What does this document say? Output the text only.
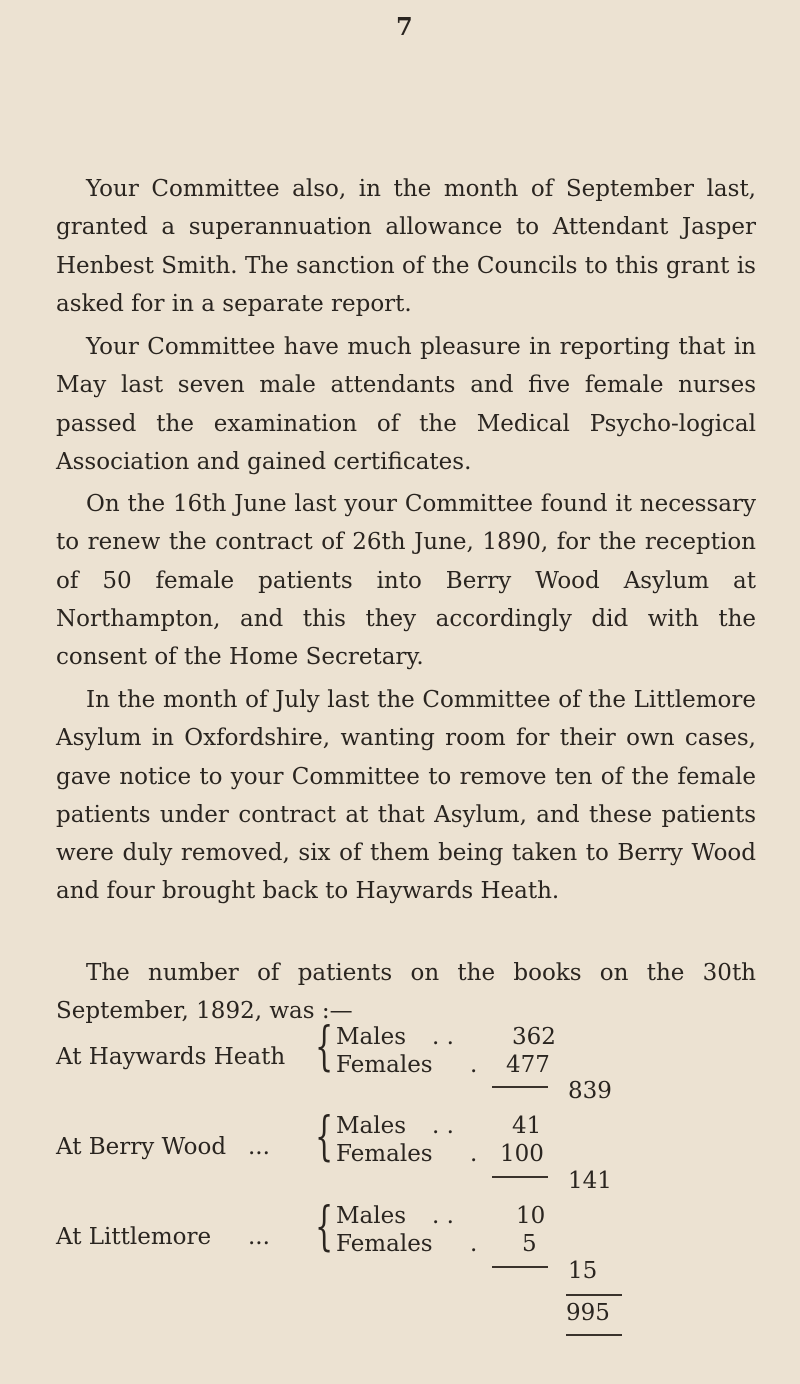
7

Your Committee also, in the month of September last, granted a superannuation allowance to Attendant Jasper Henbest Smith. The sanction of the Councils to this grant is asked for in a separate report.

Your Committee have much pleasure in reporting that in May last seven male attendants and five female nurses passed the examination of the Medical Psycho-logical Association and gained certificates.

On the 16th June last your Committee found it necessary to renew the contract of 26th June, 1890, for the reception of 50 female patients into Berry Wood Asylum at Northampton, and this they accordingly did with the consent of the Home Secretary.

In the month of July last the Committee of the Littlemore Asylum in Oxfordshire, wanting room for their own cases, gave notice to your Committee to remove ten of the female patients under contract at that Asylum, and these patients were duly removed, six of them being taken to Berry Wood and four brought back to Haywards Heath.

The number of patients on the books on the 30th September, 1892, was :—

At Haywards Heath { Males . .	362
Females . 477
839
At Berry Wood ... { Males . .	41
Females . 100
141
At Littlemore ... { Males . .	10
Females . 5
15
995
